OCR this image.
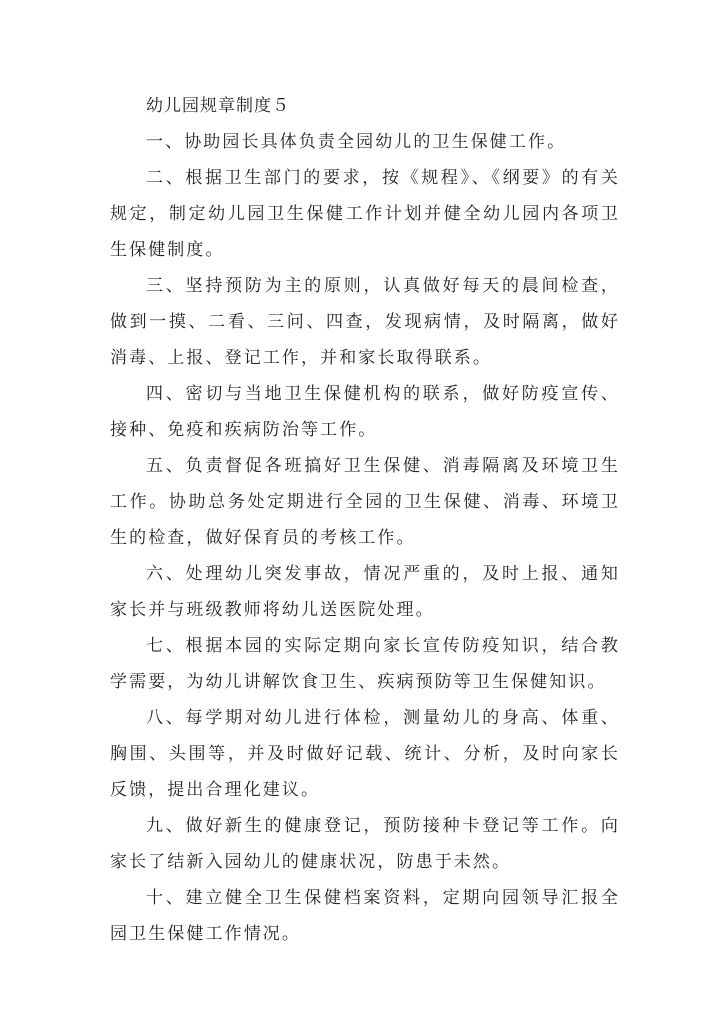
幼儿园规章制度５

一、协助园长具体负责全园幼儿的卫生保健工作。

二、根据卫生部门的要求，按《规程》、《纲要》的有关规定，制定幼儿园卫生保健工作计划并健全幼儿园内各项卫生保健制度。

三、坚持预防为主的原则，认真做好每天的晨间检查，做到一摸、二看、三问、四查，发现病情，及时隔离，做好消毒、上报、登记工作，并和家长取得联系。

四、密切与当地卫生保健机构的联系，做好防疫宣传、接种、免疫和疾病防治等工作。

五、负责督促各班搞好卫生保健、消毒隔离及环境卫生工作。协助总务处定期进行全园的卫生保健、消毒、环境卫生的检查，做好保育员的考核工作。

六、处理幼儿突发事故，情况严重的，及时上报、通知家长并与班级教师将幼儿送医院处理。

七、根据本园的实际定期向家长宣传防疫知识，结合教学需要，为幼儿讲解饮食卫生、疾病预防等卫生保健知识。

八、每学期对幼儿进行体检，测量幼儿的身高、体重、胸围、头围等，并及时做好记载、统计、分析，及时向家长反馈，提出合理化建议。

九、做好新生的健康登记，预防接种卡登记等工作。向家长了结新入园幼儿的健康状况，防患于未然。

十、建立健全卫生保健档案资料，定期向园领导汇报全园卫生保健工作情况。
